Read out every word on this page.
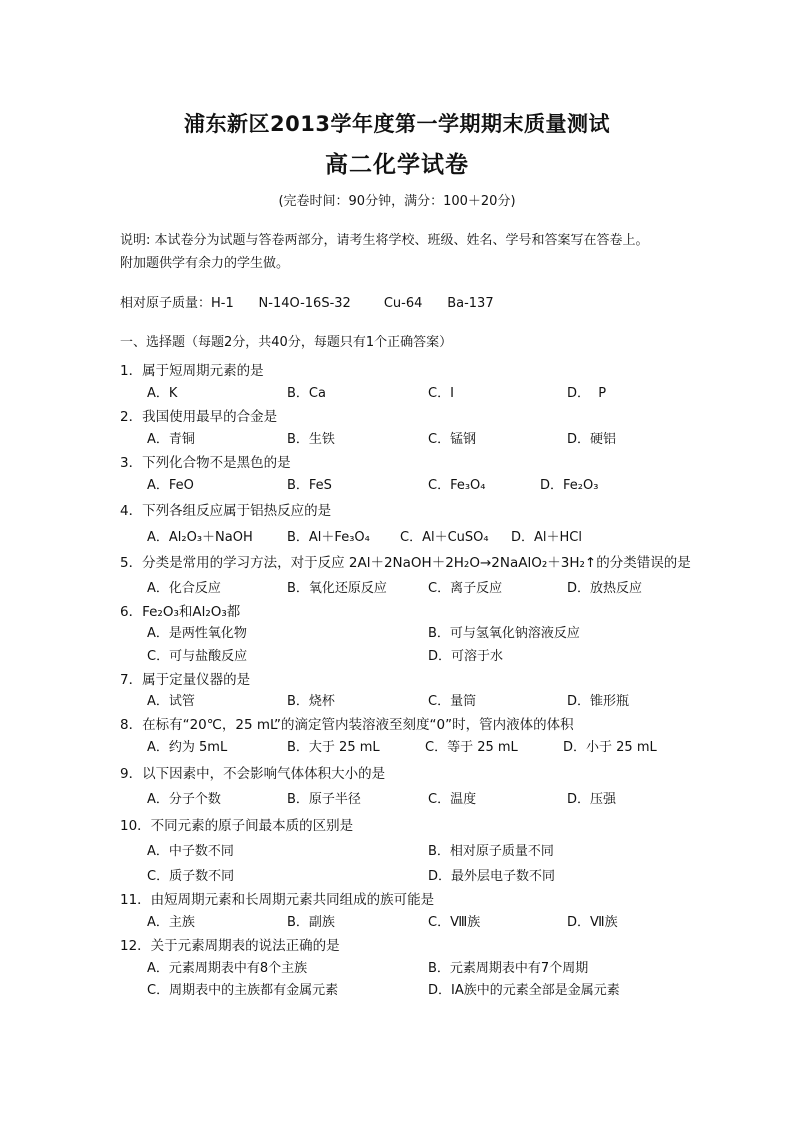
浦东新区2013学年度第一学期期末质量测试
高二化学试卷
(完卷时间：90分钟，满分：100＋20分)
说明: 本试卷分为试题与答卷两部分，请考生将学校、班级、姓名、学号和答案写在答卷上。
附加题供学有余力的学生做。
相对原子质量：H-1      N-14O-16S-32        Cu-64      Ba-137
一、选择题（每题2分，共40分，每题只有1个正确答案）
1．属于短周期元素的是
A．K	B．Ca	C．I	D．  P
2．我国使用最早的合金是
A．青铜	B．生铁	C．锰钢	D．硬铝
3．下列化合物不是黑色的是
A．FeO	B．FeS	C．Fe₃O₄	D．Fe₂O₃
4．下列各组反应属于铝热反应的是
A．Al₂O₃＋NaOH	B．Al＋Fe₃O₄ C．Al＋CuSO₄ D．Al＋HCl
5．分类是常用的学习方法，对于反应 2Al＋2NaOH＋2H₂O→2NaAlO₂＋3H₂↑的分类错误的是
A．化合反应	B．氧化还原反应	C．离子反应	D．放热反应
6．Fe₂O₃和Al₂O₃都
A．是两性氧化物	B．可与氢氧化钠溶液反应
C．可与盐酸反应	D．可溶于水
7．属于定量仪器的是
A．试管	B．烧杯	C．量筒	D．锥形瓶
8．在标有“20℃，25 mL”的滴定管内装溶液至刻度“0”时，管内液体的体积
A．约为 5mL	B．大于 25 mL	C．等于 25 mL	D．小于 25 mL
9．以下因素中，不会影响气体体积大小的是
A．分子个数	B．原子半径	C．温度	D．压强
10．不同元素的原子间最本质的区别是
A．中子数不同	B．相对原子质量不同
C．质子数不同	D．最外层电子数不同
11．由短周期元素和长周期元素共同组成的族可能是
A．主族	B．副族	C．Ⅷ族	D．Ⅶ族
12．关于元素周期表的说法正确的是
A．元素周期表中有8个主族	B．元素周期表中有7个周期
C．周期表中的主族都有金属元素	D．IA族中的元素全部是金属元素
